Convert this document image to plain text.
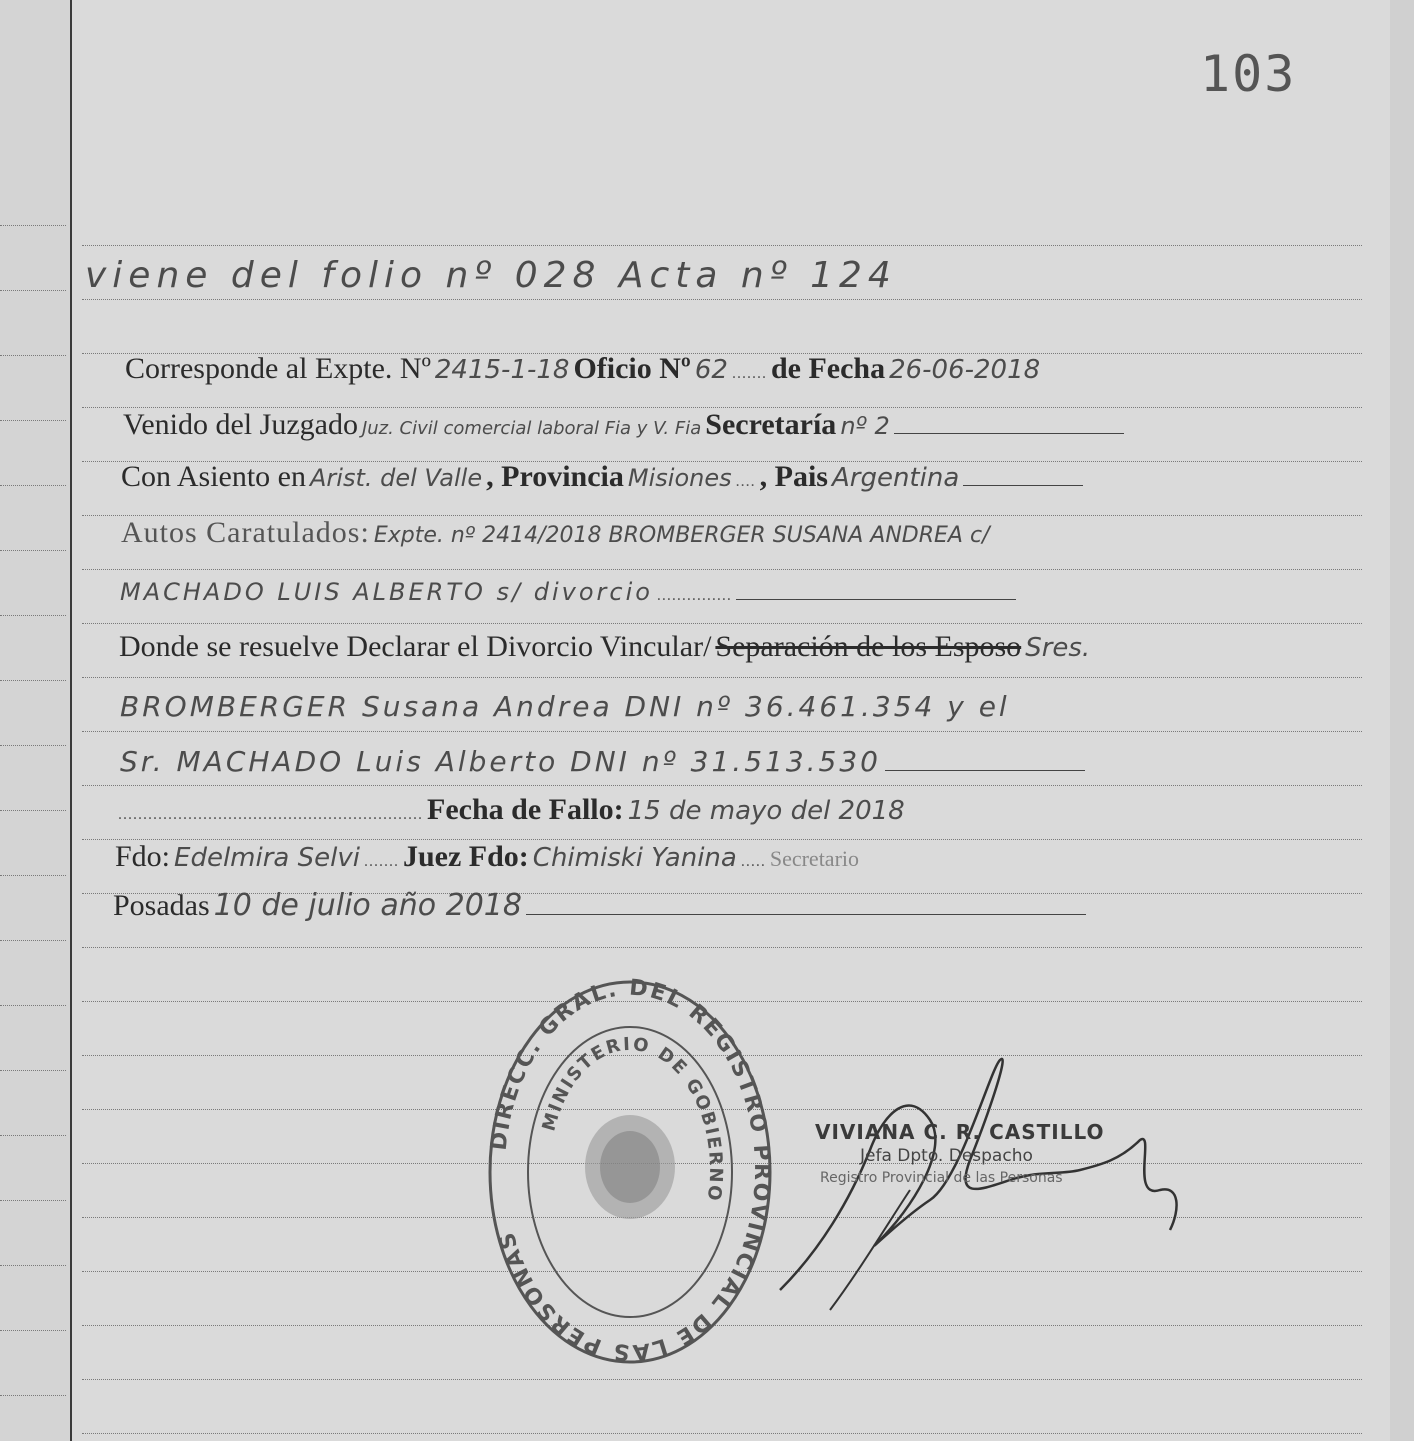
103
viene del folio nº 028 Acta nº 124
Corresponde al Expte. Nº 2415-1-18 Oficio Nº 62 ....... de Fecha 26-06-2018
Venido del Juzgado Juz. Civil comercial laboral Fia y V. Fia Secretaría nº 2
Con Asiento en Arist. del Valle , Provincia Misiones .... , Pais Argentina
Autos Caratulados: Expte. nº 2414/2018 BROMBERGER SUSANA ANDREA c/
MACHADO LUIS ALBERTO s/ divorcio ...............
Donde se resuelve Declarar el Divorcio Vincular/ Separación de los Esposo Sres.
BROMBERGER Susana Andrea DNI nº 36.461.354 y el
Sr. MACHADO Luis Alberto DNI nº 31.513.530
............................................................. Fecha de Fallo: 15 de mayo del 2018
Fdo: Edelmira Selvi ....... Juez Fdo: Chimiski Yanina ..... Secretario
Posadas 10 de julio año 2018
DIRECC. GRAL. DEL REGISTRO PROVINCIAL DE LAS PERSONAS
MINISTERIO DE GOBIERNO
VIVIANA C. R. CASTILLO
Jefa Dpto. Despacho
Registro Provincial de las Personas
